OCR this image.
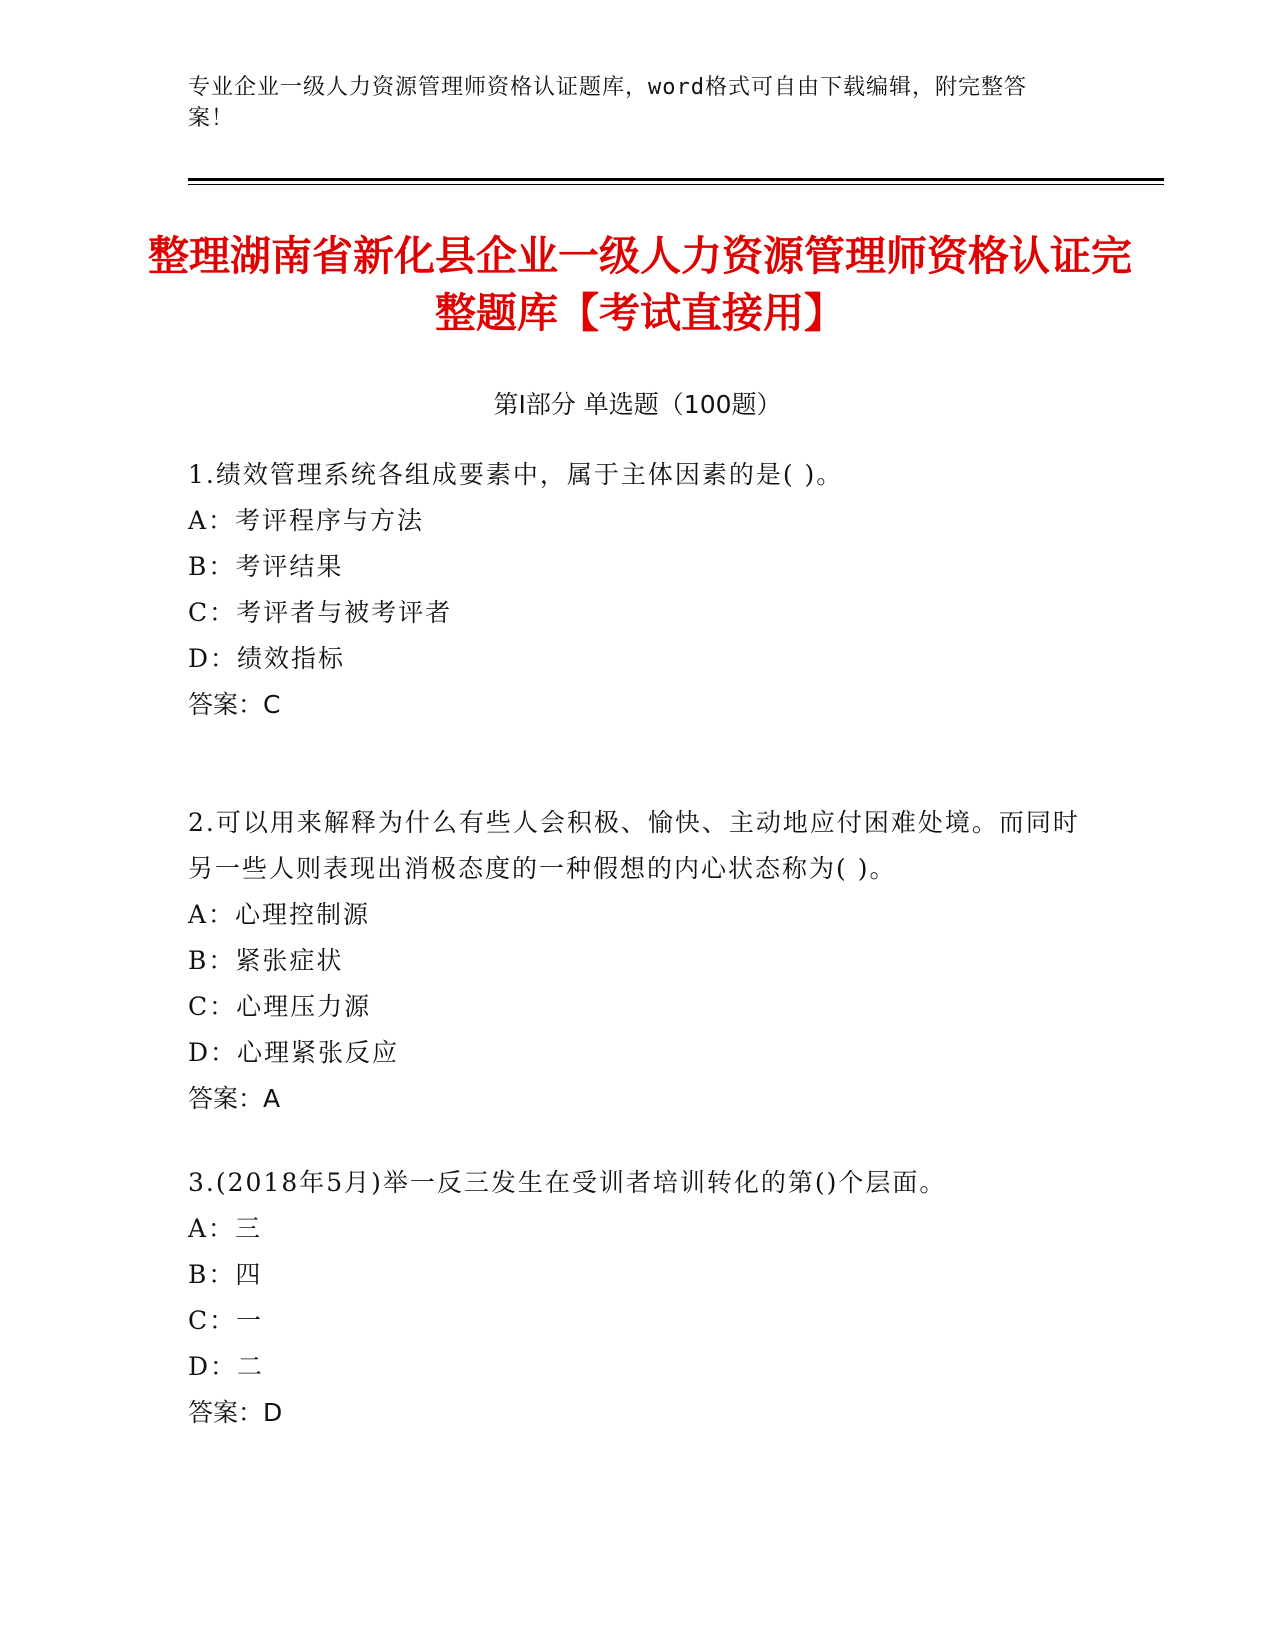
专业企业一级人力资源管理师资格认证题库，word格式可自由下载编辑，附完整答案！
整理湖南省新化县企业一级人力资源管理师资格认证完整题库【考试直接用】
第Ⅰ部分 单选题（100题）
1.绩效管理系统各组成要素中，属于主体因素的是( )。
A：考评程序与方法
B：考评结果
C：考评者与被考评者
D：绩效指标
答案：C
2.可以用来解释为什么有些人会积极、愉快、主动地应付困难处境。而同时另一些人则表现出消极态度的一种假想的内心状态称为( )。
A：心理控制源
B：紧张症状
C：心理压力源
D：心理紧张反应
答案：A
3.(2018年5月)举一反三发生在受训者培训转化的第()个层面。
A：三
B：四
C：一
D：二
答案：D
